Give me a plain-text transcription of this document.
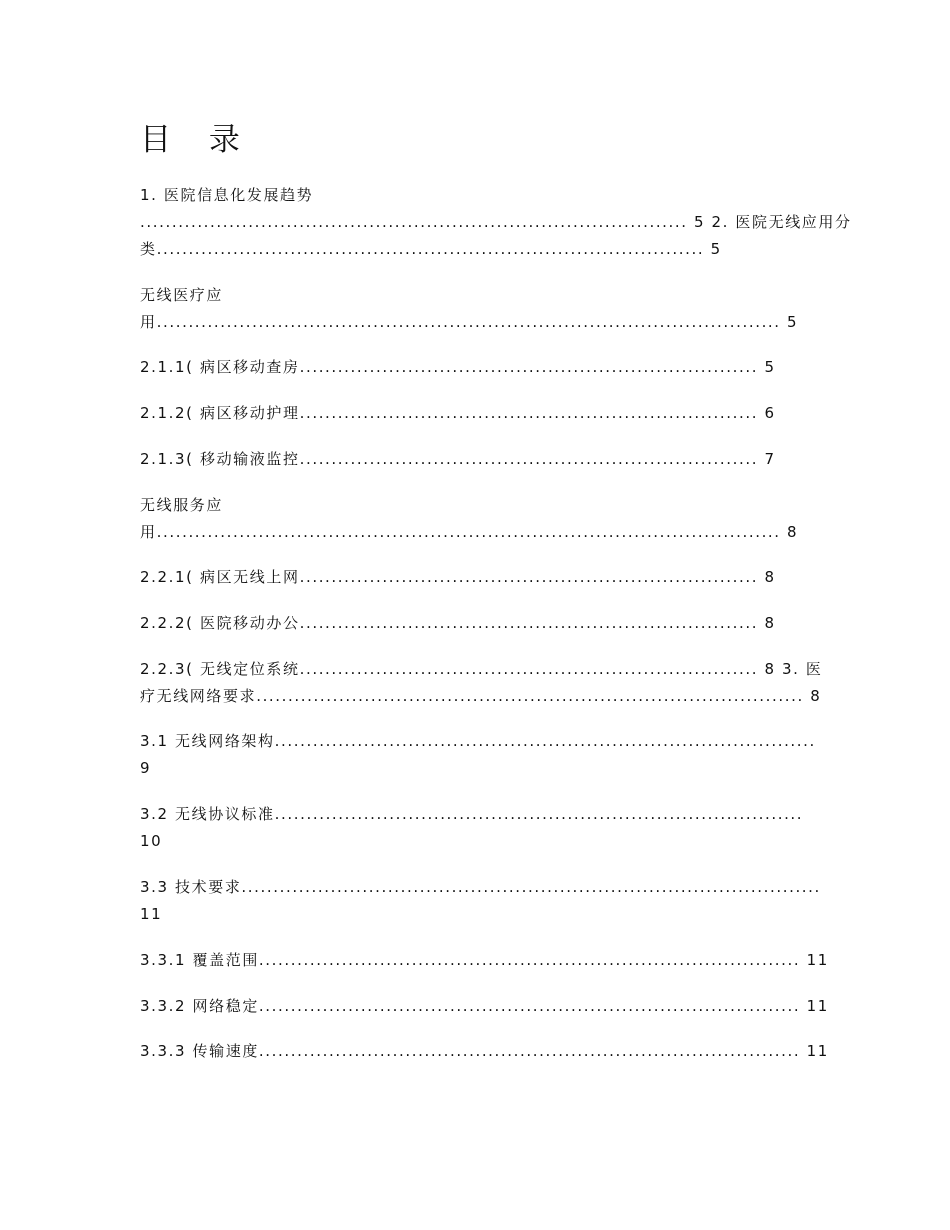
目 录
1. 医院信息化发展趋势
...................................................................................... 5 2. 医院无线应用分
类...................................................................................... 5
无线医疗应
用.................................................................................................. 5
2.1.1( 病区移动查房........................................................................ 5
2.1.2( 病区移动护理........................................................................ 6
2.1.3( 移动输液监控........................................................................ 7
无线服务应
用.................................................................................................. 8
2.2.1( 病区无线上网........................................................................ 8
2.2.2( 医院移动办公........................................................................ 8
2.2.3( 无线定位系统........................................................................ 8 3. 医
疗无线网络要求...................................................................................... 8
3.1 无线网络架构.....................................................................................
9
3.2 无线协议标准...................................................................................
10
3.3 技术要求...........................................................................................
11
3.3.1 覆盖范围..................................................................................... 11
3.3.2 网络稳定..................................................................................... 11
3.3.3 传输速度..................................................................................... 11
